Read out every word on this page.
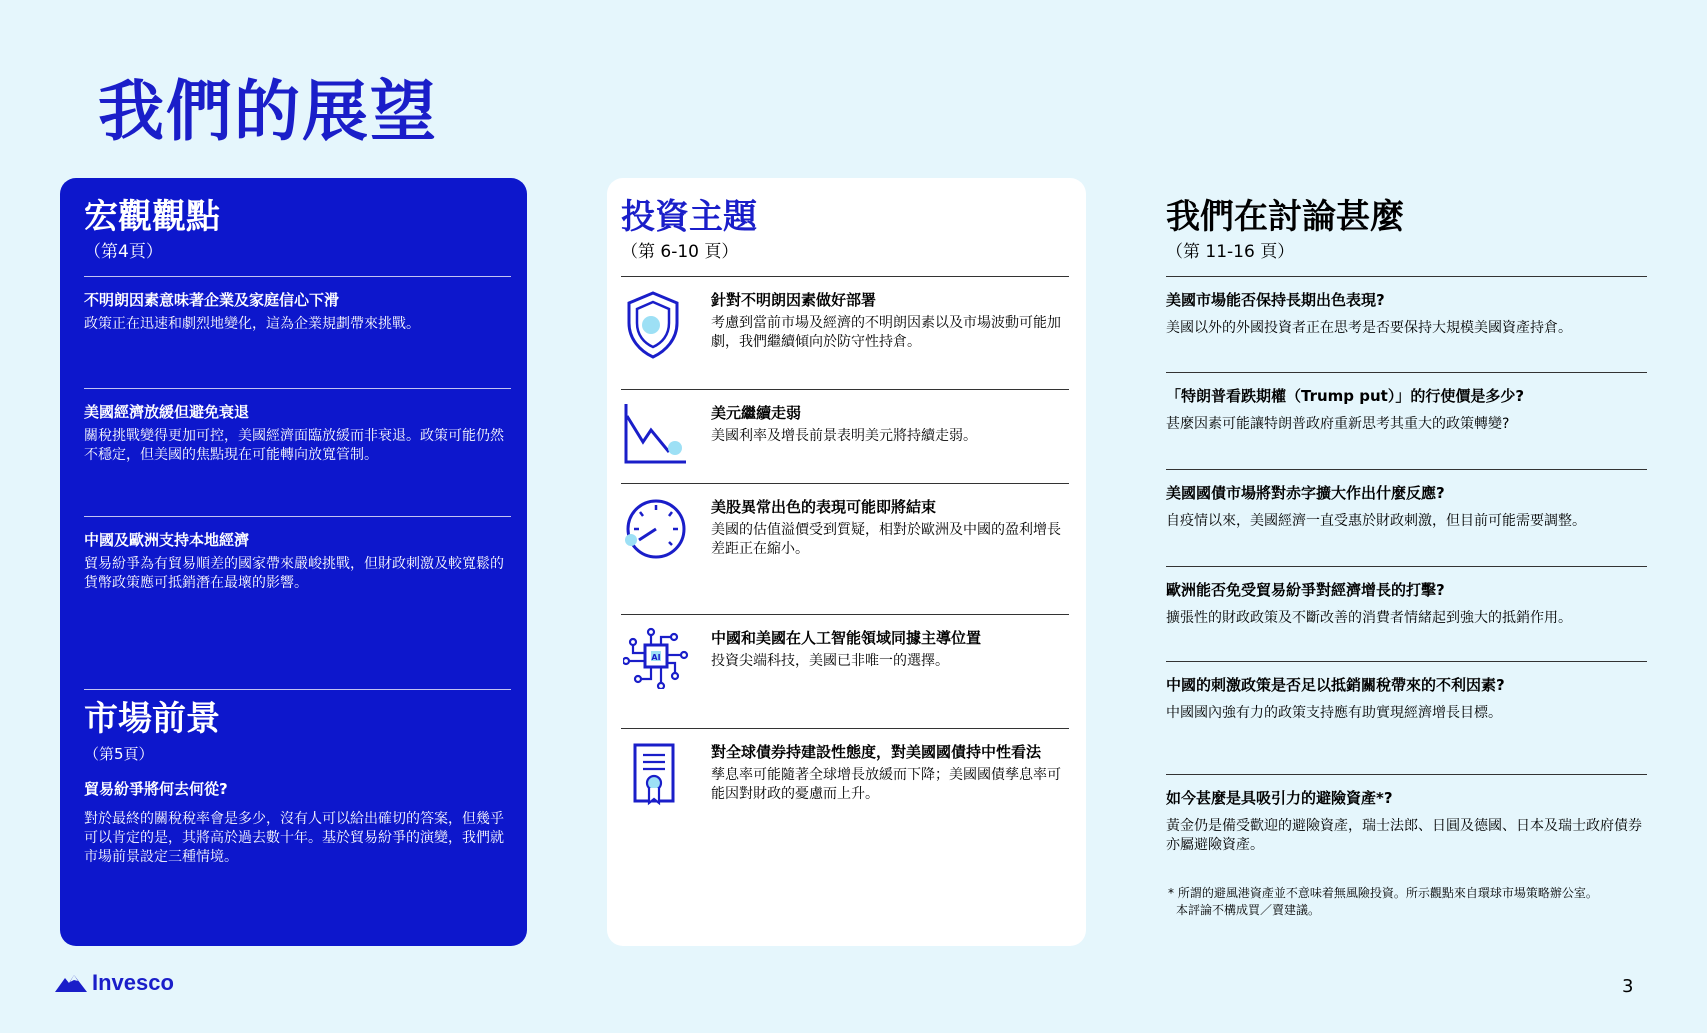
我們的展望
宏觀觀點
（第4頁）
不明朗因素意味著企業及家庭信心下滑
政策正在迅速和劇烈地變化，這為企業規劃帶來挑戰。
美國經濟放緩但避免衰退
關稅挑戰變得更加可控，美國經濟面臨放緩而非衰退。政策可能仍然不穩定，但美國的焦點現在可能轉向放寬管制。
中國及歐洲支持本地經濟
貿易紛爭為有貿易順差的國家帶來嚴峻挑戰，但財政刺激及較寬鬆的貨幣政策應可抵銷潛在最壞的影響。
市場前景
（第5頁）
貿易紛爭將何去何從?
對於最終的關稅稅率會是多少，沒有人可以給出確切的答案，但幾乎可以肯定的是，其將高於過去數十年。基於貿易紛爭的演變，我們就市場前景設定三種情境。
投資主題
（第 6-10 頁）
針對不明朗因素做好部署
考慮到當前市場及經濟的不明朗因素以及市場波動可能加劇，我們繼續傾向於防守性持倉。
美元繼續走弱
美國利率及增長前景表明美元將持續走弱。
美股異常出色的表現可能即將結束
美國的估值溢價受到質疑，相對於歐洲及中國的盈利增長差距正在縮小。
AI
中國和美國在人工智能領域同據主導位置
投資尖端科技，美國已非唯一的選擇。
對全球債券持建設性態度，對美國國債持中性看法
孳息率可能隨著全球增長放緩而下降；美國國債孳息率可能因對財政的憂慮而上升。
我們在討論甚麼
（第 11-16 頁）
美國市場能否保持長期出色表現?
美國以外的外國投資者正在思考是否要保持大規模美國資產持倉。
「特朗普看跌期權（Trump put）」的行使價是多少?
甚麼因素可能讓特朗普政府重新思考其重大的政策轉變?
美國國債市場將對赤字擴大作出什麼反應?
自疫情以來，美國經濟一直受惠於財政刺激，但目前可能需要調整。
歐洲能否免受貿易紛爭對經濟增長的打擊?
擴張性的財政政策及不斷改善的消費者情緒起到強大的抵銷作用。
中國的刺激政策是否足以抵銷關稅帶來的不利因素?
中國國內強有力的政策支持應有助實現經濟增長目標。
如今甚麼是具吸引力的避險資產*?
黃金仍是備受歡迎的避險資產，瑞士法郎、日圓及德國、日本及瑞士政府債券亦屬避險資產。
* 所謂的避風港資產並不意味着無風險投資。所示觀點來自環球市場策略辦公室。
本評論不構成買／賣建議。
Invesco	3
